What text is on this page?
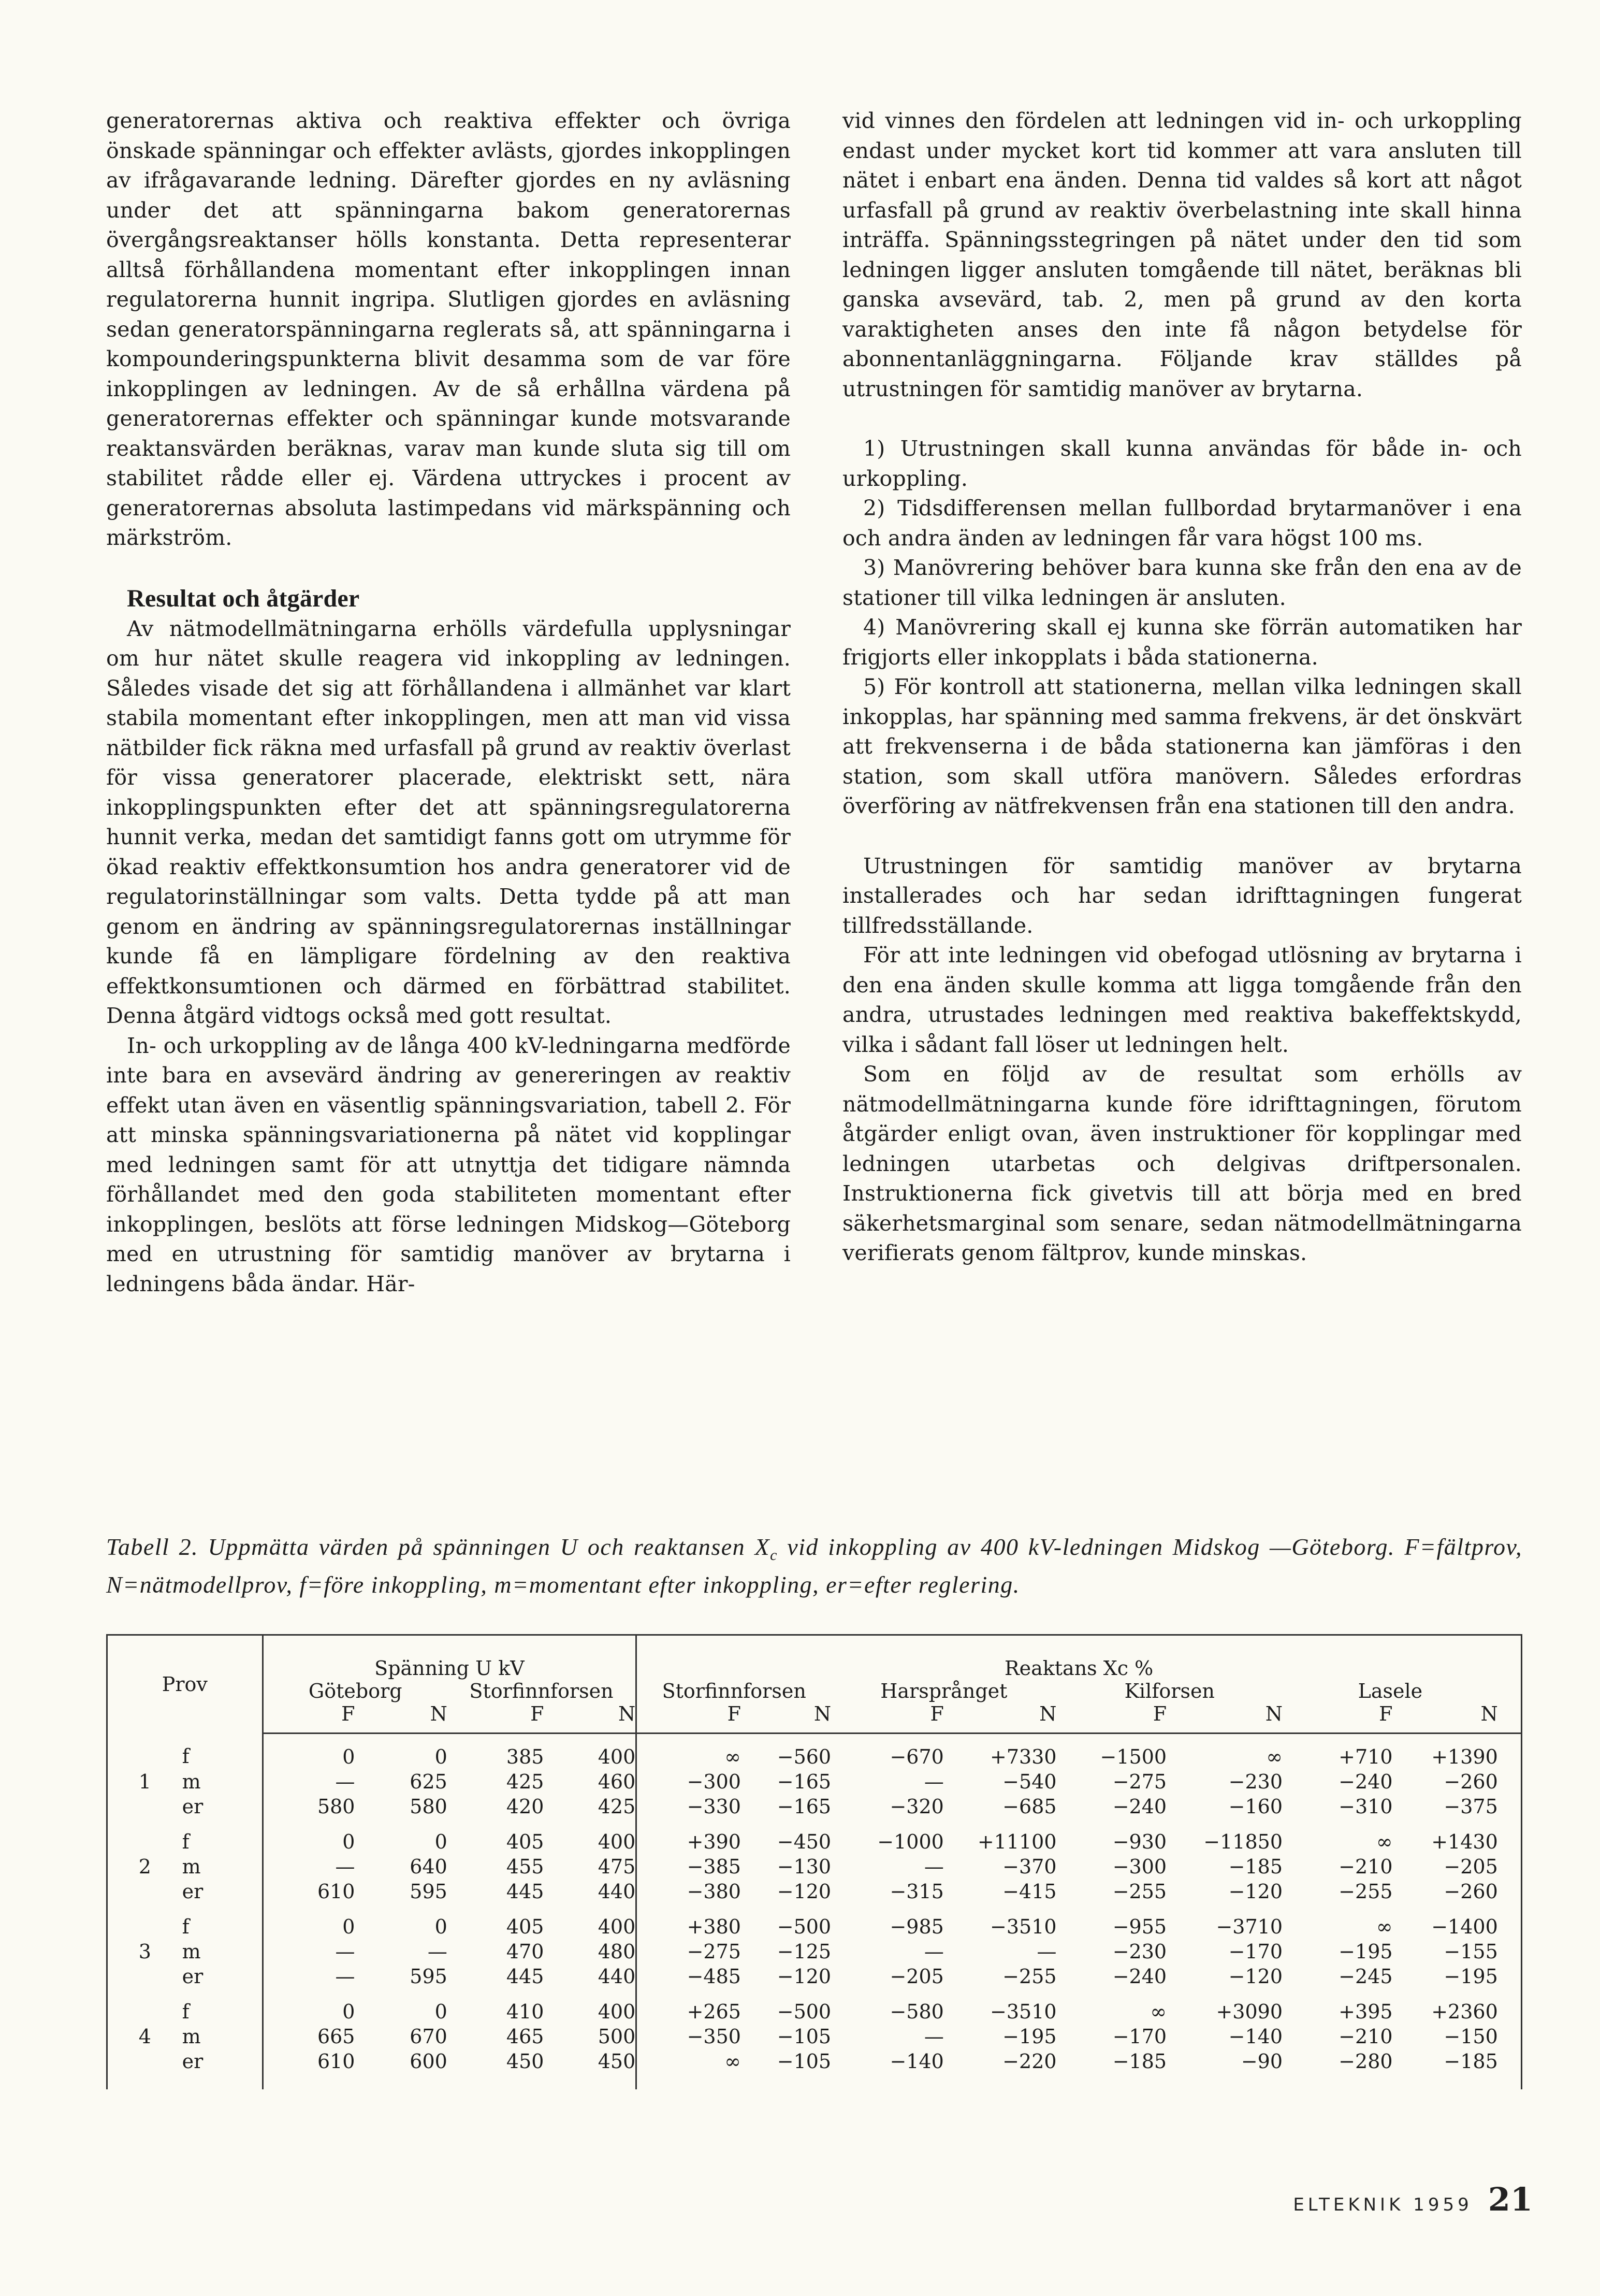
generatorernas aktiva och reaktiva effekter och övriga önskade spänningar och effekter avlästs, gjordes inkopplingen av ifrågavarande ledning. Därefter gjordes en ny avläsning under det att spänningarna bakom generatorernas övergångsreaktanser hölls konstanta. Detta representerar alltså förhållandena momentant efter inkopplingen innan regulatorerna hunnit ingripa. Slutligen gjordes en avläsning sedan generatorspänningarna reglerats så, att spänningarna i kompounderingspunkterna blivit desamma som de var före inkopplingen av ledningen. Av de så erhållna värdena på generatorernas effekter och spänningar kunde motsvarande reaktansvärden beräknas, varav man kunde sluta sig till om stabilitet rådde eller ej. Värdena uttryckes i procent av generatorernas absoluta lastimpedans vid märkspänning och märkström.

Resultat och åtgärder

Av nätmodellmätningarna erhölls värdefulla upplysningar om hur nätet skulle reagera vid inkoppling av ledningen. Således visade det sig att förhållandena i allmänhet var klart stabila momentant efter inkopplingen, men att man vid vissa nätbilder fick räkna med urfasfall på grund av reaktiv överlast för vissa generatorer placerade, elektriskt sett, nära inkopplingspunkten efter det att spänningsregulatorerna hunnit verka, medan det samtidigt fanns gott om utrymme för ökad reaktiv effektkonsumtion hos andra generatorer vid de regulatorinställningar som valts. Detta tydde på att man genom en ändring av spänningsregulatorernas inställningar kunde få en lämpligare fördelning av den reaktiva effektkonsumtionen och därmed en förbättrad stabilitet. Denna åtgärd vidtogs också med gott resultat.

In- och urkoppling av de långa 400 kV-ledningarna medförde inte bara en avsevärd ändring av genereringen av reaktiv effekt utan även en väsentlig spänningsvariation, tabell 2. För att minska spänningsvariationerna på nätet vid kopplingar med ledningen samt för att utnyttja det tidigare nämnda förhållandet med den goda stabiliteten momentant efter inkopplingen, beslöts att förse ledningen Midskog—Göteborg med en utrustning för samtidig manöver av brytarna i ledningens båda ändar. Här-

vid vinnes den fördelen att ledningen vid in- och urkoppling endast under mycket kort tid kommer att vara ansluten till nätet i enbart ena änden. Denna tid valdes så kort att något urfasfall på grund av reaktiv överbelastning inte skall hinna inträffa. Spänningsstegringen på nätet under den tid som ledningen ligger ansluten tomgående till nätet, beräknas bli ganska avsevärd, tab. 2, men på grund av den korta varaktigheten anses den inte få någon betydelse för abonnentanläggningarna. Följande krav ställdes på utrustningen för samtidig manöver av brytarna.

1) Utrustningen skall kunna användas för både in- och urkoppling.
2) Tidsdifferensen mellan fullbordad brytarmanöver i ena och andra änden av ledningen får vara högst 100 ms.
3) Manövrering behöver bara kunna ske från den ena av de stationer till vilka ledningen är ansluten.
4) Manövrering skall ej kunna ske förrän automatiken har frigjorts eller inkopplats i båda stationerna.
5) För kontroll att stationerna, mellan vilka ledningen skall inkopplas, har spänning med samma frekvens, är det önskvärt att frekvenserna i de båda stationerna kan jämföras i den station, som skall utföra manövern. Således erfordras överföring av nätfrekvensen från ena stationen till den andra.

Utrustningen för samtidig manöver av brytarna installerades och har sedan idrifttagningen fungerat tillfredsställande.

För att inte ledningen vid obefogad utlösning av brytarna i den ena änden skulle komma att ligga tomgående från den andra, utrustades ledningen med reaktiva bakeffektskydd, vilka i sådant fall löser ut ledningen helt.

Som en följd av de resultat som erhölls av nätmodellmätningarna kunde före idrifttagningen, förutom åtgärder enligt ovan, även instruktioner för kopplingar med ledningen utarbetas och delgivas driftpersonalen. Instruktionerna fick givetvis till att börja med en bred säkerhetsmarginal som senare, sedan nätmodellmätningarna verifierats genom fältprov, kunde minskas.

Tabell 2. Uppmätta värden på spänningen U och reaktansen $X_c$ vid inkoppling av 400 kV-ledningen Midskog —Göteborg. F=fältprov, N=nätmodellprov, f=före inkoppling, m=momentant efter inkoppling, er=efter reglering.
Prov		Spänning U kV				Reaktans Xc %								
		Göteborg		Storfinnforsen		Storfinnforsen		Harsprånget		Kilforsen		Lasele		
		F	N	F	N	F	N	F	N	F	N	F	N	
	f	0	0	385	400	∞	−560	−670	+7330	−1500	∞	+710	+1390	
1	m	—	625	425	460	−300	−165	—	−540	−275	−230	−240	−260	
	er	580	580	420	425	−330	−165	−320	−685	−240	−160	−310	−375	
	f	0	0	405	400	+390	−450	−1000	+11100	−930	−11850	∞	+1430	
2	m	—	640	455	475	−385	−130	—	−370	−300	−185	−210	−205	
	er	610	595	445	440	−380	−120	−315	−415	−255	−120	−255	−260	
	f	0	0	405	400	+380	−500	−985	−3510	−955	−3710	∞	−1400	
3	m	—	—	470	480	−275	−125	—	—	−230	−170	−195	−155	
	er	—	595	445	440	−485	−120	−205	−255	−240	−120	−245	−195	
	f	0	0	410	400	+265	−500	−580	−3510	∞	+3090	+395	+2360	
4	m	665	670	465	500	−350	−105	—	−195	−170	−140	−210	−150	
	er	610	600	450	450	∞	−105	−140	−220	−185	−90	−280	−185	

ELTEKNIK 1959 21
